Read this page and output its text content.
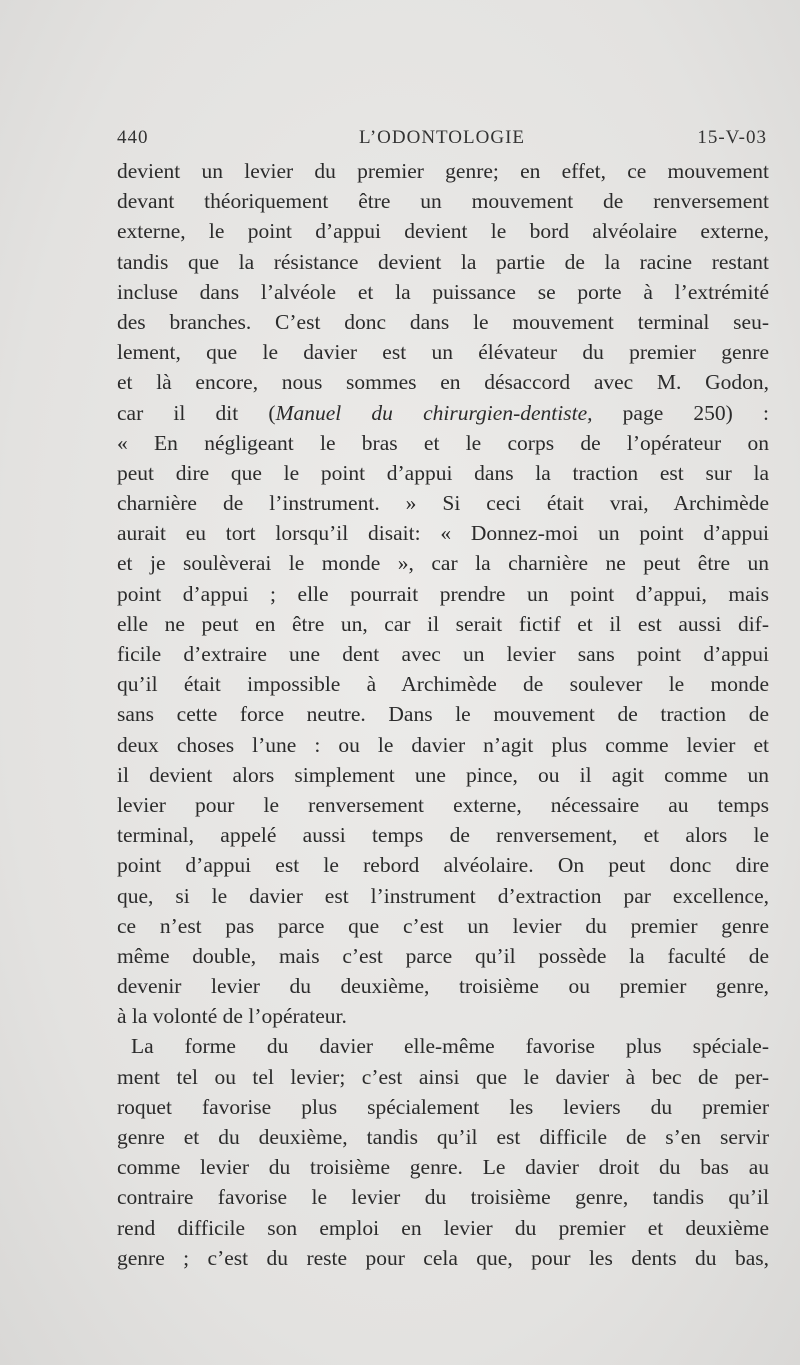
440	L’ODONTOLOGIE	15-V-03
devient un levier du premier genre; en effet, ce mouvement
devant théoriquement être un mouvement de renversement
externe, le point d’appui devient le bord alvéolaire externe,
tandis que la résistance devient la partie de la racine restant
incluse dans l’alvéole et la puissance se porte à l’extrémité
des branches. C’est donc dans le mouvement terminal seu-
lement, que le davier est un élévateur du premier genre
et là encore, nous sommes en désaccord avec M. Godon,
car il dit (Manuel du chirurgien-dentiste, page 250) :
« En négligeant le bras et le corps de l’opérateur on
peut dire que le point d’appui dans la traction est sur la
charnière de l’instrument. » Si ceci était vrai, Archimède
aurait eu tort lorsqu’il disait: « Donnez-moi un point d’appui
et je soulèverai le monde », car la charnière ne peut être un
point d’appui ; elle pourrait prendre un point d’appui, mais
elle ne peut en être un, car il serait fictif et il est aussi dif-
ficile d’extraire une dent avec un levier sans point d’appui
qu’il était impossible à Archimède de soulever le monde
sans cette force neutre. Dans le mouvement de traction de
deux choses l’une : ou le davier n’agit plus comme levier et
il devient alors simplement une pince, ou il agit comme un
levier pour le renversement externe, nécessaire au temps
terminal, appelé aussi temps de renversement, et alors le
point d’appui est le rebord alvéolaire. On peut donc dire
que, si le davier est l’instrument d’extraction par excellence,
ce n’est pas parce que c’est un levier du premier genre
même double, mais c’est parce qu’il possède la faculté de
devenir levier du deuxième, troisième ou premier genre,
à la volonté de l’opérateur.
La forme du davier elle-même favorise plus spéciale-
ment tel ou tel levier; c’est ainsi que le davier à bec de per-
roquet favorise plus spécialement les leviers du premier
genre et du deuxième, tandis qu’il est difficile de s’en servir
comme levier du troisième genre. Le davier droit du bas au
contraire favorise le levier du troisième genre, tandis qu’il
rend difficile son emploi en levier du premier et deuxième
genre ; c’est du reste pour cela que, pour les dents du bas,
